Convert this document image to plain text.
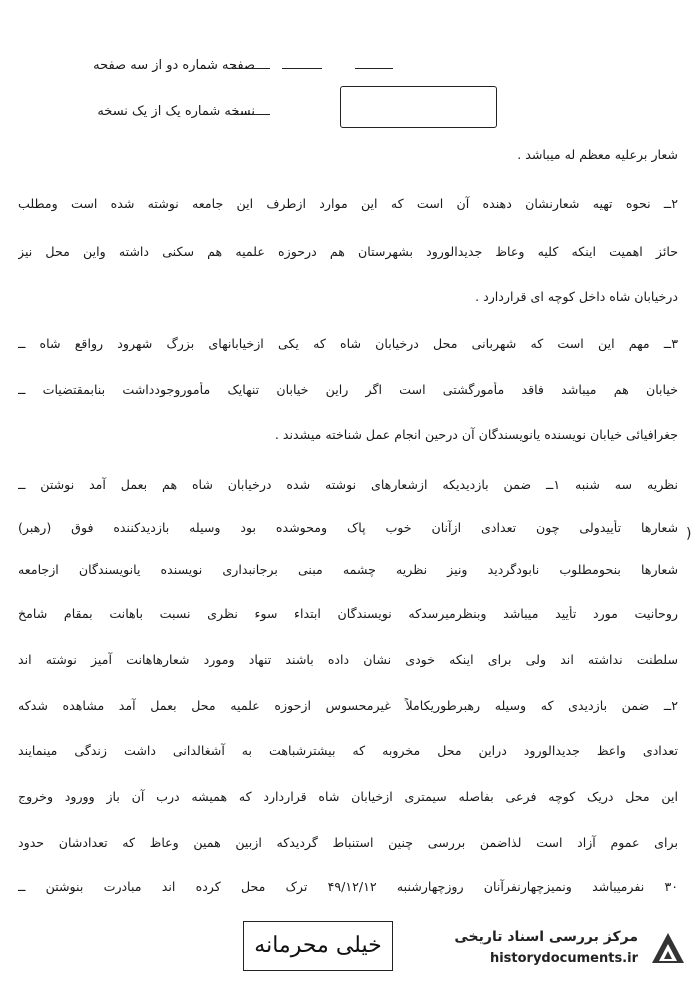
صفحه شماره دو از سه صفحه
نسخه شماره یک از یک نسخه
شعار برعلیه معظم له میباشد .
۲ــ نحوه تهیه شعارنشان دهنده آن است که این موارد ازطرف این جامعه نوشته شده است ومطلب
حائز اهمیت اینکه کلیه وعاظ جدیدالورود بشهرستان هم درحوزه علمیه هم سکنی داشته واین محل نیز
درخیابان شاه داخل کوچه ای قراردارد .
۳ــ مهم این است که شهربانی محل درخیابان شاه که یکی ازخیابانهای بزرگ شهرود رواقع شاه ــ
خیابان هم میباشد فاقد مأمورگشتی است اگر راین خیابان تنهایک مأموروجودداشت بنابمقتضیات ــ
جغرافیائی خیابان نویسنده یانویسندگان آن درحین انجام عمل شناخته میشدند .
نظریه سه شنبه ۱ــ ضمن بازدیدیکه ازشعارهای نوشته شده درخیابان شاه هم بعمل آمد نوشتن ــ
شعارها تأییدولی چون تعدادی ازآنان خوب پاک ومحوشده بود وسیله بازدیدکننده فوق (رهبر)
شعارها بنحومطلوب نابودگردید ونیز نظریه چشمه مبنی برجانبداری نویسنده یانویسندگان ازجامعه
روحانیت مورد تأیید میباشد وبنظرمیرسدکه نویسندگان ابتداء سوء نظری نسبت باهانت بمقام شامخ
سلطنت نداشته اند ولی برای اینکه خودی نشان داده باشند تنهاد ومورد شعارهاهانت آمیز نوشته اند
۲ــ ضمن بازدیدی که وسیله رهبرطوریکاملاً غیرمحسوس ازحوزه علمیه محل بعمل آمد مشاهده شدکه
تعدادی واعظ جدیدالورود دراین محل مخروبه که بیشترشباهت به آشغالدانی داشت زندگی مینمایند
این محل دریک کوچه فرعی بفاصله سیمتری ازخیابان شاه قراردارد که همیشه درب آن باز وورود وخروج
برای عموم آزاد است لذاضمن بررسی چنین استنباط گردیدکه ازبین همین وعاظ که تعدادشان حدود
۳۰ نفرمیباشد ونمیزچهارنفرآنان روزچهارشنبه ۴۹/۱۲/۱۲ ترک محل کرده اند مبادرت بنوشتن ــ
)
خیلی محرمانه	مرکز بررسی اسناد تاریخی
historydocuments.ir
